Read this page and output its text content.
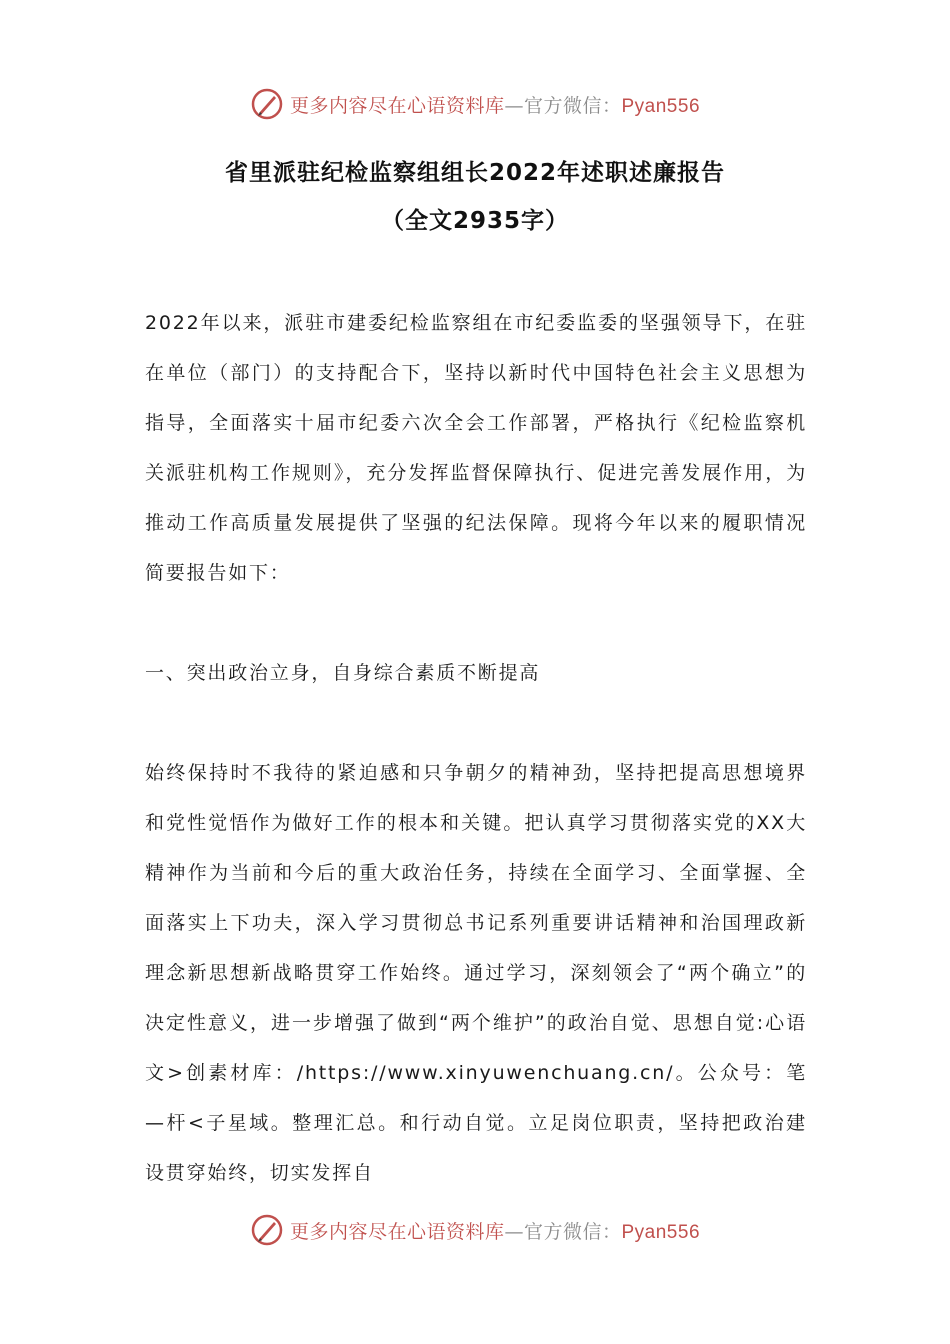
更多内容尽在心语资料库—官方微信：Pyan556
省里派驻纪检监察组组长2022年述职述廉报告
（全文2935字）

2022年以来，派驻市建委纪检监察组在市纪委监委的坚强领导下，在驻在单位（部门）的支持配合下，坚持以新时代中国特色社会主义思想为指导，全面落实十届市纪委六次全会工作部署，严格执行《纪检监察机关派驻机构工作规则》，充分发挥监督保障执行、促进完善发展作用，为推动工作高质量发展提供了坚强的纪法保障。现将今年以来的履职情况简要报告如下：

一、突出政治立身，自身综合素质不断提高

始终保持时不我待的紧迫感和只争朝夕的精神劲，坚持把提高思想境界和党性觉悟作为做好工作的根本和关键。把认真学习贯彻落实党的XX大精神作为当前和今后的重大政治任务，持续在全面学习、全面掌握、全面落实上下功夫，深入学习贯彻总书记系列重要讲话精神和治国理政新理念新思想新战略贯穿工作始终。通过学习，深刻领会了“两个确立”的决定性意义，进一步增强了做到“两个维护”的政治自觉、思想自觉:心语文>创素材库：/https://www.xinyuwenchuang.cn/。公众号：笔—杆<子星域。整理汇总。和行动自觉。立足岗位职责，坚持把政治建设贯穿始终，切实发挥自

更多内容尽在心语资料库—官方微信：Pyan556
